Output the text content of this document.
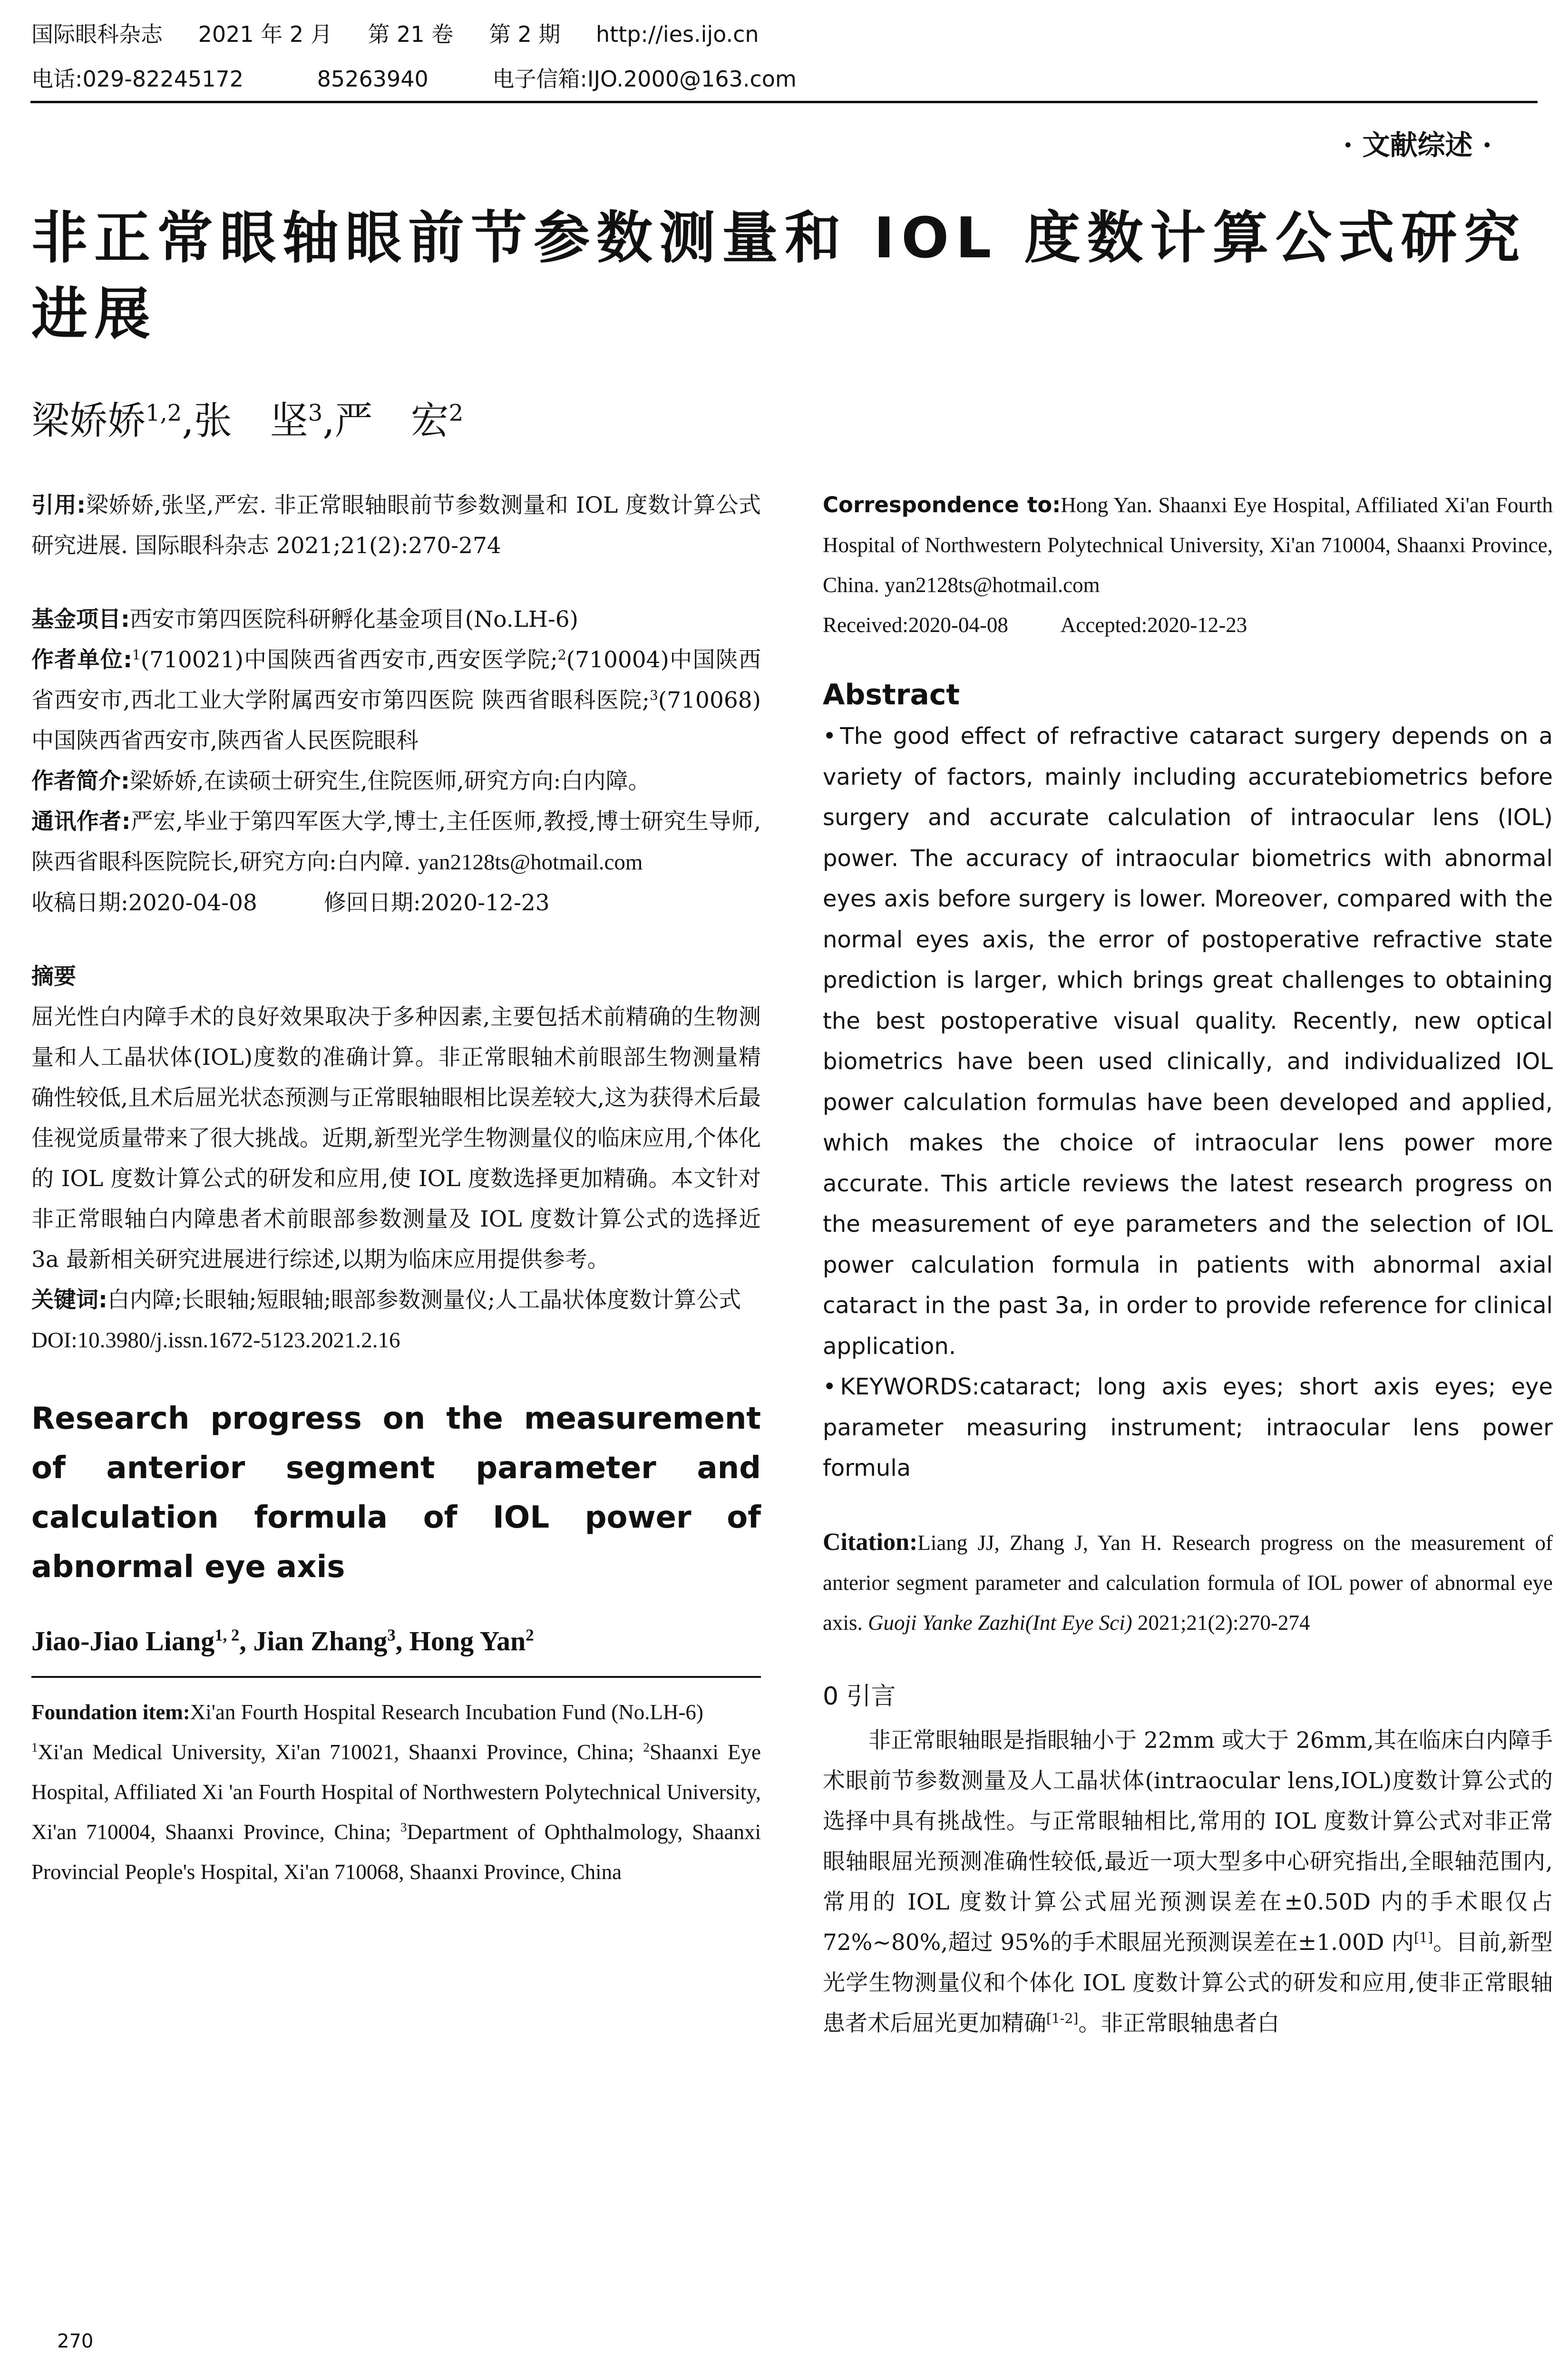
国际眼科杂志 2021 年 2 月 第 21 卷 第 2 期 http://ies.ijo.cn
电话:029-82245172	85263940	电子信箱:IJO.2000@163.com
· 文献综述 ·
非正常眼轴眼前节参数测量和 IOL 度数计算公式研究进展
梁娇娇$^{1,2}$,张　坚$^3$,严　宏$^2$

引用:梁娇娇,张坚,严宏. 非正常眼轴眼前节参数测量和 IOL 度数计算公式研究进展. 国际眼科杂志 2021;21(2):270-274

基金项目:西安市第四医院科研孵化基金项目(No.LH-6)

作者单位:$^1$(710021)中国陕西省西安市,西安医学院;$^2$(710004)中国陕西省西安市,西北工业大学附属西安市第四医院 陕西省眼科医院;$^3$(710068)中国陕西省西安市,陕西省人民医院眼科

作者简介:梁娇娇,在读硕士研究生,住院医师,研究方向:白内障。

通讯作者:严宏,毕业于第四军医大学,博士,主任医师,教授,博士研究生导师,陕西省眼科医院院长,研究方向:白内障. yan2128ts@hotmail.com

收稿日期:2020-04-08	修回日期:2020-12-23

摘要

屈光性白内障手术的良好效果取决于多种因素,主要包括术前精确的生物测量和人工晶状体(IOL)度数的准确计算。非正常眼轴术前眼部生物测量精确性较低,且术后屈光状态预测与正常眼轴眼相比误差较大,这为获得术后最佳视觉质量带来了很大挑战。近期,新型光学生物测量仪的临床应用,个体化的 IOL 度数计算公式的研发和应用,使 IOL 度数选择更加精确。本文针对非正常眼轴白内障患者术前眼部参数测量及 IOL 度数计算公式的选择近 3a 最新相关研究进展进行综述,以期为临床应用提供参考。

关键词:白内障;长眼轴;短眼轴;眼部参数测量仪;人工晶状体度数计算公式

DOI:10.3980/j.issn.1672-5123.2021.2.16

Research progress on the measurement of anterior segment parameter and calculation formula of IOL power of abnormal eye axis

Jiao-Jiao Liang$^{1, 2}$, Jian Zhang$^3$, Hong Yan$^2$

Foundation item:Xi'an Fourth Hospital Research Incubation Fund (No.LH-6)

$^1$Xi'an Medical University, Xi'an 710021, Shaanxi Province, China; $^2$Shaanxi Eye Hospital, Affiliated Xi 'an Fourth Hospital of Northwestern Polytechnical University, Xi'an 710004, Shaanxi Province, China; $^3$Department of Ophthalmology, Shaanxi Provincial People's Hospital, Xi'an 710068, Shaanxi Province, China

270

Correspondence to:Hong Yan. Shaanxi Eye Hospital, Affiliated Xi'an Fourth Hospital of Northwestern Polytechnical University, Xi'an 710004, Shaanxi Province, China. yan2128ts@hotmail.com

Received:2020-04-08 Accepted:2020-12-23

Abstract

• The good effect of refractive cataract surgery depends on a variety of factors, mainly including accuratebiometrics before surgery and accurate calculation of intraocular lens (IOL) power. The accuracy of intraocular biometrics with abnormal eyes axis before surgery is lower. Moreover, compared with the normal eyes axis, the error of postoperative refractive state prediction is larger, which brings great challenges to obtaining the best postoperative visual quality. Recently, new optical biometrics have been used clinically, and individualized IOL power calculation formulas have been developed and applied, which makes the choice of intraocular lens power more accurate. This article reviews the latest research progress on the measurement of eye parameters and the selection of IOL power calculation formula in patients with abnormal axial cataract in the past 3a, in order to provide reference for clinical application.

• KEYWORDS:cataract; long axis eyes; short axis eyes; eye parameter measuring instrument; intraocular lens power formula

Citation:Liang JJ, Zhang J, Yan H. Research progress on the measurement of anterior segment parameter and calculation formula of IOL power of abnormal eye axis. Guoji Yanke Zazhi(Int Eye Sci) 2021;21(2):270-274

0 引言

非正常眼轴眼是指眼轴小于 22mm 或大于 26mm,其在临床白内障手术眼前节参数测量及人工晶状体(intraocular lens,IOL)度数计算公式的选择中具有挑战性。与正常眼轴相比,常用的 IOL 度数计算公式对非正常眼轴眼屈光预测准确性较低,最近一项大型多中心研究指出,全眼轴范围内,常用的 IOL 度数计算公式屈光预测误差在±0.50D 内的手术眼仅占 72%~80%,超过 95%的手术眼屈光预测误差在±1.00D 内[1]。目前,新型光学生物测量仪和个体化 IOL 度数计算公式的研发和应用,使非正常眼轴患者术后屈光更加精确[1-2]。非正常眼轴患者白
